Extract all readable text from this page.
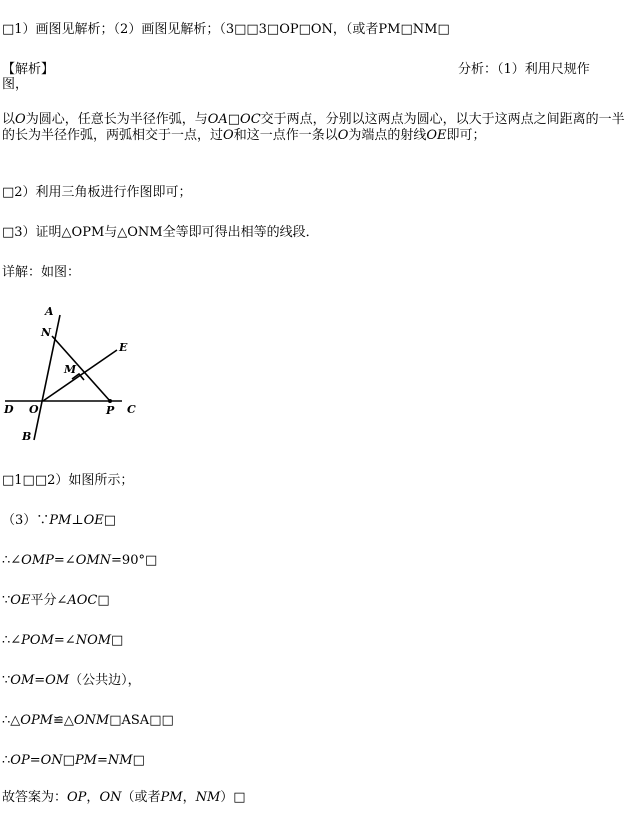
□1）画图见解析；（2）画图见解析；（3□□3□OP□ON，（或者PM□NM□
【解析】	分析：（1）利用尺规作
图，
以O为圆心，任意长为半径作弧，与OA□OC交于两点，分别以这两点为圆心，以大于这两点之间距离的一半的长为半径作弧，两弧相交于一点，过O和这一点作一条以O为端点的射线OE即可；
□2）利用三角板进行作图即可；
□3）证明△OPM与△ONM全等即可得出相等的线段．
详解：如图：
A
N
E
M
D O	P C
B
□1□□2）如图所示；
（3）∵PM⊥OE□
∴∠OMP=∠OMN=90°□
∵OE平分∠AOC□
∴∠POM=∠NOM□
∵OM=OM（公共边），
∴△OPM≌△ONM□ASA□□
∴OP=ON□PM=NM□
故答案为：OP，ON（或者PM，NM）□
